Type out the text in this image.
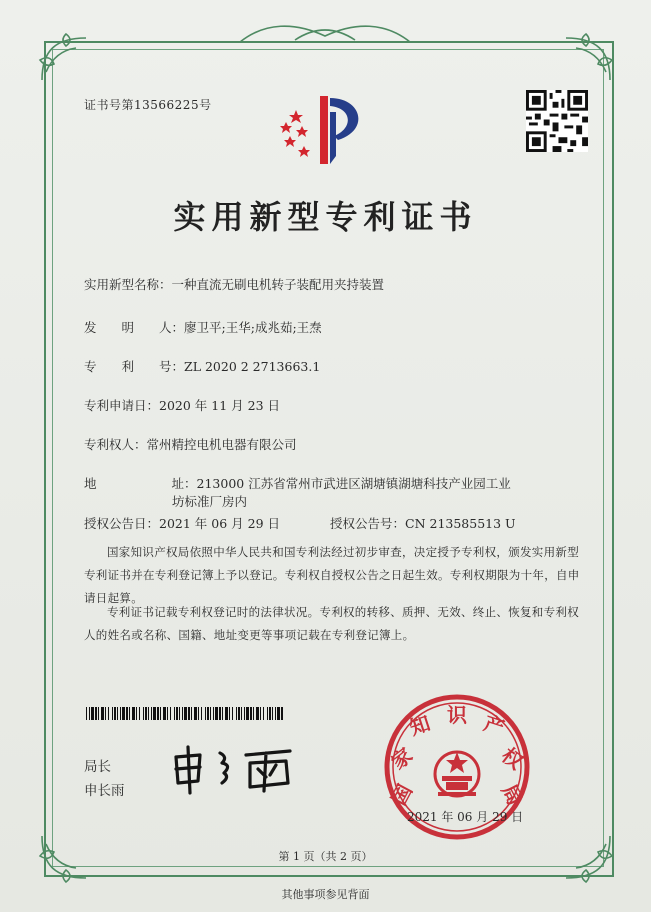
证书号第13566225号
实用新型专利证书
实用新型名称：一种直流无刷电机转子装配用夹持装置
发　　明　　人：廖卫平;王华;成兆茹;王焘
专　　利　　号：ZL 2020 2 2713663.1
专利申请日：2020 年 11 月 23 日
专利权人：常州精控电机电器有限公司
地　　　　　　址：213000 江苏省常州市武进区湖塘镇湖塘科技产业园工业
坊标准厂房内
授权公告日：2021 年 06 月 29 日	授权公告号：CN 213585513 U
国家知识产权局依照中华人民共和国专利法经过初步审查，决定授予专利权，颁发实用新型专利证书并在专利登记簿上予以登记。专利权自授权公告之日起生效。专利权期限为十年，自申请日起算。
专利证书记载专利权登记时的法律状况。专利权的转移、质押、无效、终止、恢复和专利权人的姓名或名称、国籍、地址变更等事项记载在专利登记簿上。
局长
申长雨	国
家
知 识 产
权
局
2021 年 06 月 29 日
第 1 页（共 2 页）
其他事项参见背面
